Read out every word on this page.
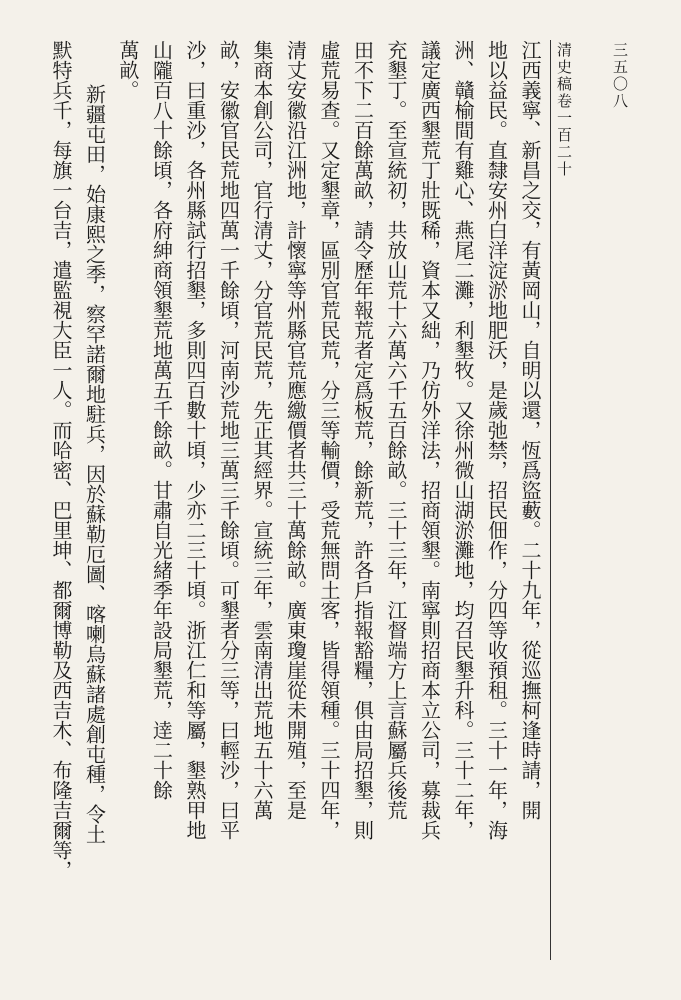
清史稿卷一百二十	三五〇八

江西義寧、新昌之交，有黃岡山，自明以還，恆爲盜藪。二十九年，從巡撫柯逢時請，開

地以益民。直隸安州白洋淀淤地肥沃，是歲弛禁，招民佃作，分四等收預租。三十一年，海

洲、贛榆間有雞心、燕尾二灘，利墾牧。又徐州微山湖淤灘地，均召民墾升科。三十二年，

議定廣西墾荒丁壯既稀，資本又絀，乃仿外洋法，招商領墾。南寧則招商本立公司，募裁兵

充墾丁。至宣統初，共放山荒十六萬六千五百餘畝。三十三年，江督端方上言蘇屬兵後荒

田不下二百餘萬畝，請令歷年報荒者定爲板荒，餘新荒，許各戶指報豁糧，俱由局招墾，則

虛荒易查。又定墾章，區別官荒民荒，分三等輸價，受荒無問土客，皆得領種。三十四年，

清丈安徽沿江洲地，計懷寧等州縣官荒應繳價者共三十萬餘畝。廣東瓊崖從未開殖，至是

集商本創公司，官行清丈，分官荒民荒，先正其經界。宣統三年，雲南清出荒地五十六萬

畝，安徽官民荒地四萬一千餘頃，河南沙荒地三萬三千餘頃。可墾者分三等，曰輕沙，曰平

沙，曰重沙，各州縣試行招墾，多則四百數十頃，少亦二三十頃。浙江仁和等屬，墾熟甲地

山隴百八十餘頃，各府紳商領墾荒地萬五千餘畝。甘肅自光緒季年設局墾荒，逹二十餘

萬畝。

新疆屯田，始康熙之季，察罕諾爾地駐兵，因於蘇勒厄圖、喀喇烏蘇諸處創屯種，令土

默特兵千，每旗一台吉，遣監視大臣一人。而哈密、巴里坤、都爾博勒及西吉木、布隆吉爾等，
